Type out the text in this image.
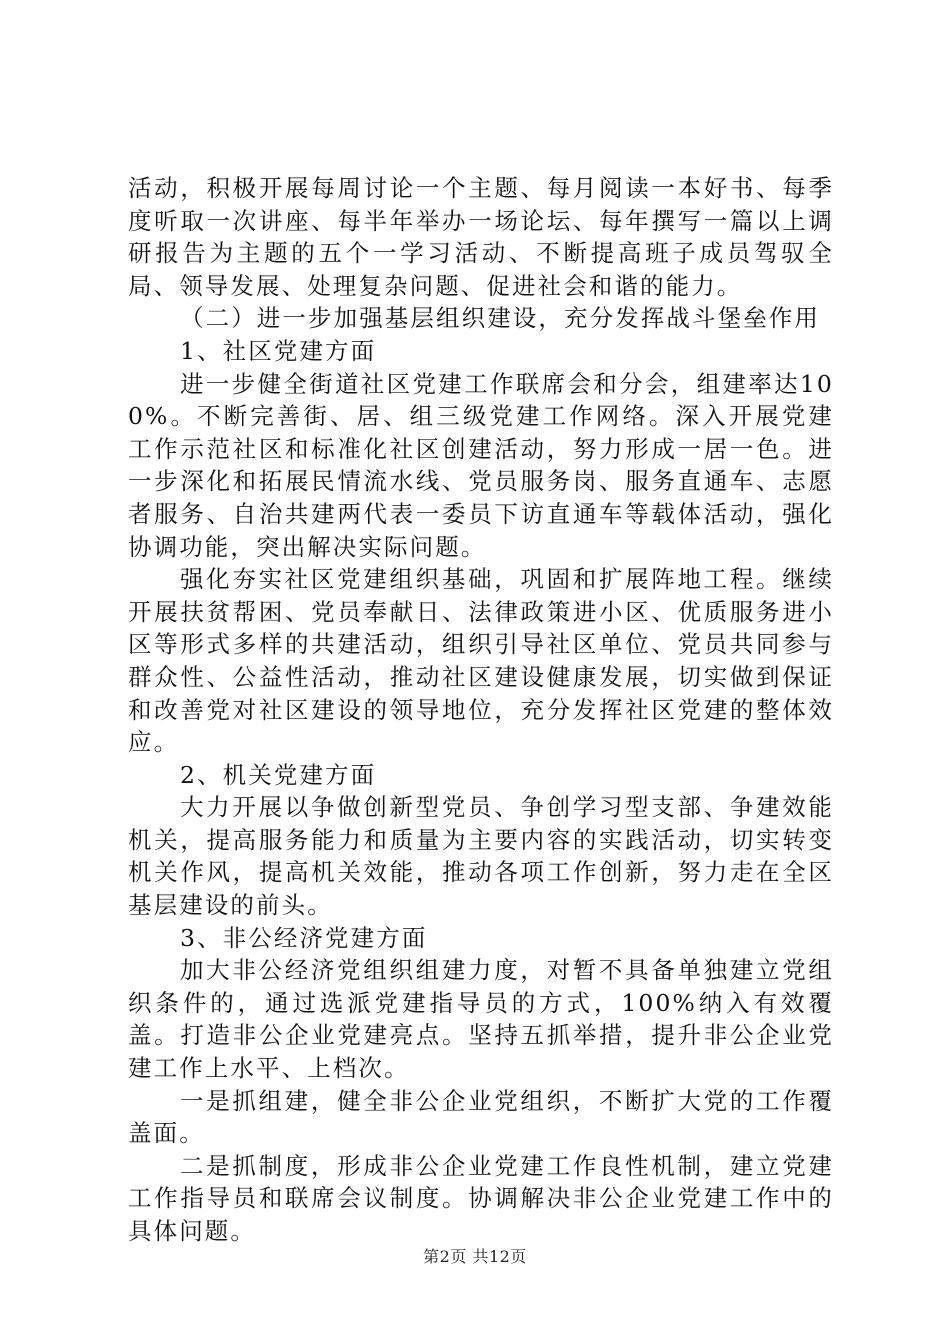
活动，积极开展每周讨论一个主题、每月阅读一本好书、每季度听取一次讲座、每半年举办一场论坛、每年撰写一篇以上调研报告为主题的五个一学习活动、不断提高班子成员驾驭全局、领导发展、处理复杂问题、促进社会和谐的能力。

（二）进一步加强基层组织建设，充分发挥战斗堡垒作用

1、社区党建方面

进一步健全街道社区党建工作联席会和分会，组建率达100%。不断完善街、居、组三级党建工作网络。深入开展党建工作示范社区和标准化社区创建活动，努力形成一居一色。进一步深化和拓展民情流水线、党员服务岗、服务直通车、志愿者服务、自治共建两代表一委员下访直通车等载体活动，强化协调功能，突出解决实际问题。

强化夯实社区党建组织基础，巩固和扩展阵地工程。继续开展扶贫帮困、党员奉献日、法律政策进小区、优质服务进小区等形式多样的共建活动，组织引导社区单位、党员共同参与群众性、公益性活动，推动社区建设健康发展，切实做到保证和改善党对社区建设的领导地位，充分发挥社区党建的整体效应。

2、机关党建方面

大力开展以争做创新型党员、争创学习型支部、争建效能机关，提高服务能力和质量为主要内容的实践活动，切实转变机关作风，提高机关效能，推动各项工作创新，努力走在全区基层建设的前头。

3、非公经济党建方面

加大非公经济党组织组建力度，对暂不具备单独建立党组织条件的，通过选派党建指导员的方式，100%纳入有效覆盖。打造非公企业党建亮点。坚持五抓举措，提升非公企业党建工作上水平、上档次。

一是抓组建，健全非公企业党组织，不断扩大党的工作覆盖面。

二是抓制度，形成非公企业党建工作良性机制，建立党建工作指导员和联席会议制度。协调解决非公企业党建工作中的具体问题。

第2页 共12页
